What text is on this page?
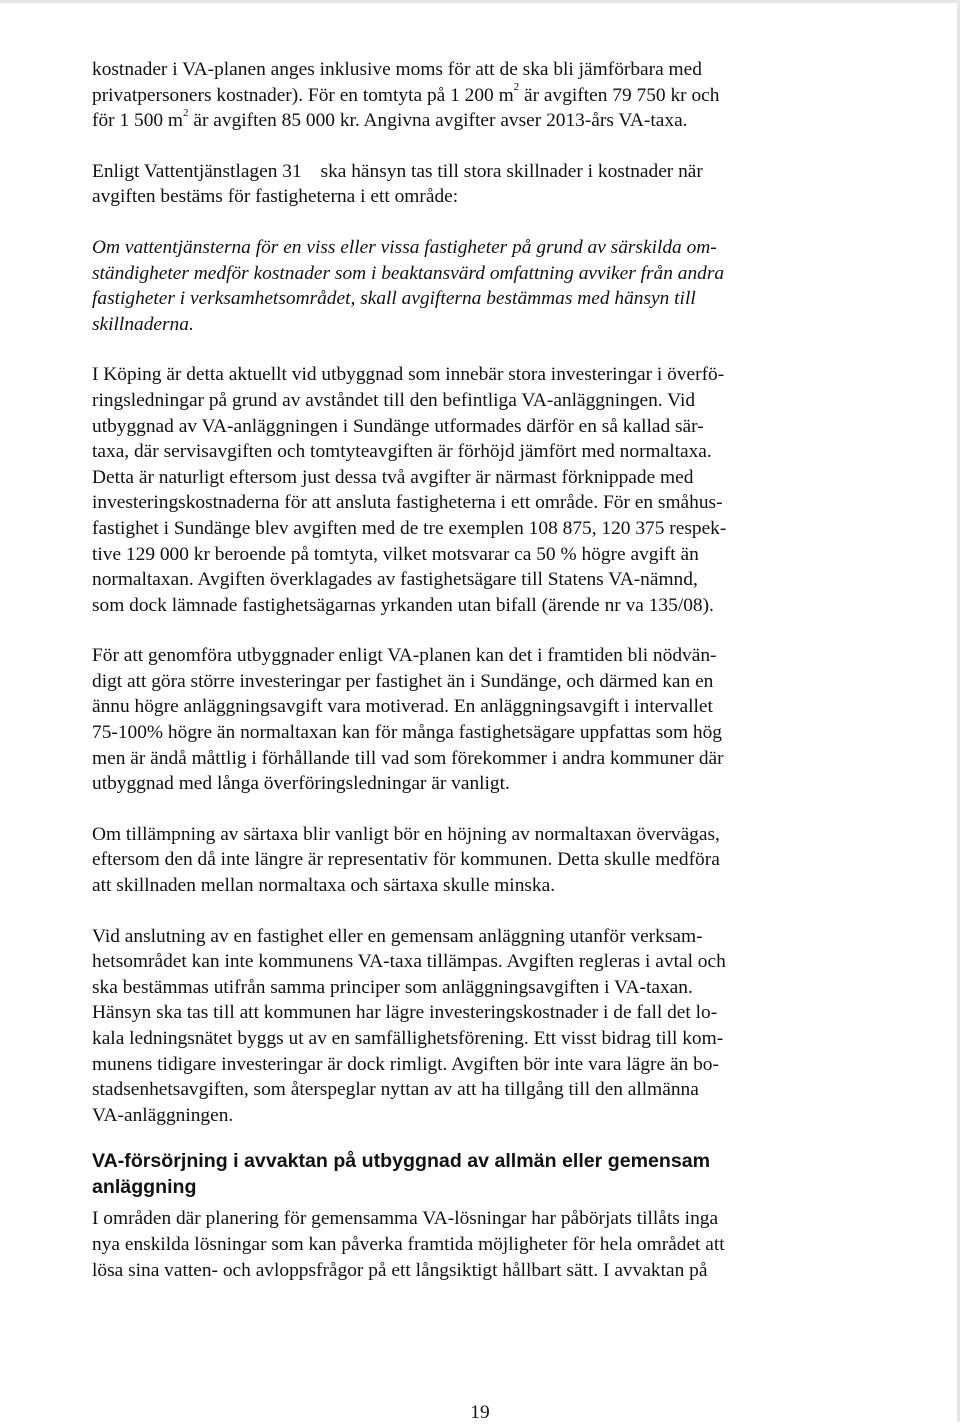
kostnader i VA-planen anges inklusive moms för att de ska bli jämförbara med
privatpersoners kostnader). För en tomtyta på 1 200 $m^2$ är avgiften 79 750 kr och
för 1 500 $m^2$ är avgiften 85 000 kr. Angivna avgifter avser 2013-års VA-taxa.

Enligt Vattentjänstlagen 31 ska hänsyn tas till stora skillnader i kostnader när
avgiften bestäms för fastigheterna i ett område:

Om vattentjänsterna för en viss eller vissa fastigheter på grund av särskilda om-
ständigheter medför kostnader som i beaktansvärd omfattning avviker från andra
fastigheter i verksamhetsområdet, skall avgifterna bestämmas med hänsyn till
skillnaderna.

I Köping är detta aktuellt vid utbyggnad som innebär stora investeringar i överfö-
ringsledningar på grund av avståndet till den befintliga VA-anläggningen. Vid
utbyggnad av VA-anläggningen i Sundänge utformades därför en så kallad sär-
taxa, där servisavgiften och tomtyteavgiften är förhöjd jämfört med normaltaxa.
Detta är naturligt eftersom just dessa två avgifter är närmast förknippade med
investeringskostnaderna för att ansluta fastigheterna i ett område. För en småhus-
fastighet i Sundänge blev avgiften med de tre exemplen 108 875, 120 375 respek-
tive 129 000 kr beroende på tomtyta, vilket motsvarar ca 50 % högre avgift än
normaltaxan. Avgiften överklagades av fastighetsägare till Statens VA-nämnd,
som dock lämnade fastighetsägarnas yrkanden utan bifall (ärende nr va 135/08).

För att genomföra utbyggnader enligt VA-planen kan det i framtiden bli nödvän-
digt att göra större investeringar per fastighet än i Sundänge, och därmed kan en
ännu högre anläggningsavgift vara motiverad. En anläggningsavgift i intervallet
75-100% högre än normaltaxan kan för många fastighetsägare uppfattas som hög
men är ändå måttlig i förhållande till vad som förekommer i andra kommuner där
utbyggnad med långa överföringsledningar är vanligt.

Om tillämpning av särtaxa blir vanligt bör en höjning av normaltaxan övervägas,
eftersom den då inte längre är representativ för kommunen. Detta skulle medföra
att skillnaden mellan normaltaxa och särtaxa skulle minska.

Vid anslutning av en fastighet eller en gemensam anläggning utanför verksam-
hetsområdet kan inte kommunens VA-taxa tillämpas. Avgiften regleras i avtal och
ska bestämmas utifrån samma principer som anläggningsavgiften i VA-taxan.
Hänsyn ska tas till att kommunen har lägre investeringskostnader i de fall det lo-
kala ledningsnätet byggs ut av en samfällighetsförening. Ett visst bidrag till kom-
munens tidigare investeringar är dock rimligt. Avgiften bör inte vara lägre än bo-
stadsenhetsavgiften, som återspeglar nyttan av att ha tillgång till den allmänna
VA-anläggningen.

VA-försörjning i avvaktan på utbyggnad av allmän eller gemensam
anläggning

I områden där planering för gemensamma VA-lösningar har påbörjats tillåts inga
nya enskilda lösningar som kan påverka framtida möjligheter för hela området att
lösa sina vatten- och avloppsfrågor på ett långsiktigt hållbart sätt. I avvaktan på

19
